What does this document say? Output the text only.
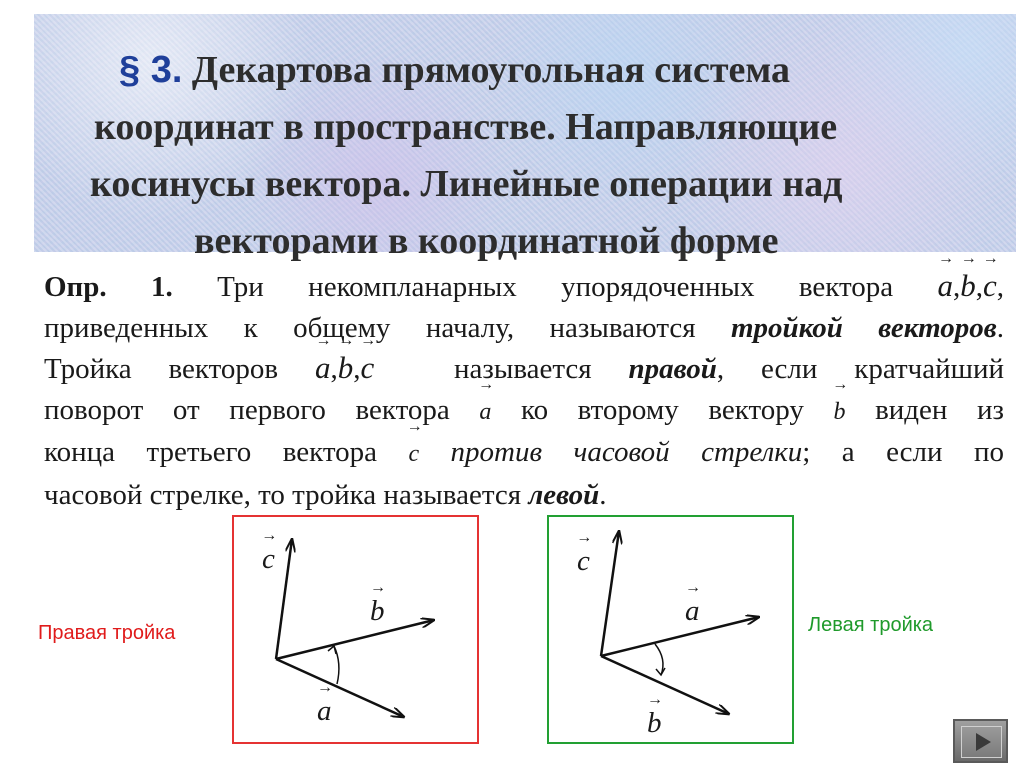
§ 3. Декартова прямоугольная система
координат в пространстве. Направляющие
косинусы вектора. Линейные операции над
векторами в координатной форме
Опр. 1. Три некомпланарных упорядоченных вектора → a,→ b,→ c,
приведенных к общему началу, называются тройкой векторов.
Тройка векторов → a,→ b,→ c	называется правой, если кратчайший
поворот от первого вектора → a ко второму вектору → b виден из
конца третьего вектора → c против часовой стрелки; а если по
часовой стрелке, то тройка называется левой.
Правая тройка
→ c
→ b
→ a
→ c
→ a
→ b
Левая тройка
